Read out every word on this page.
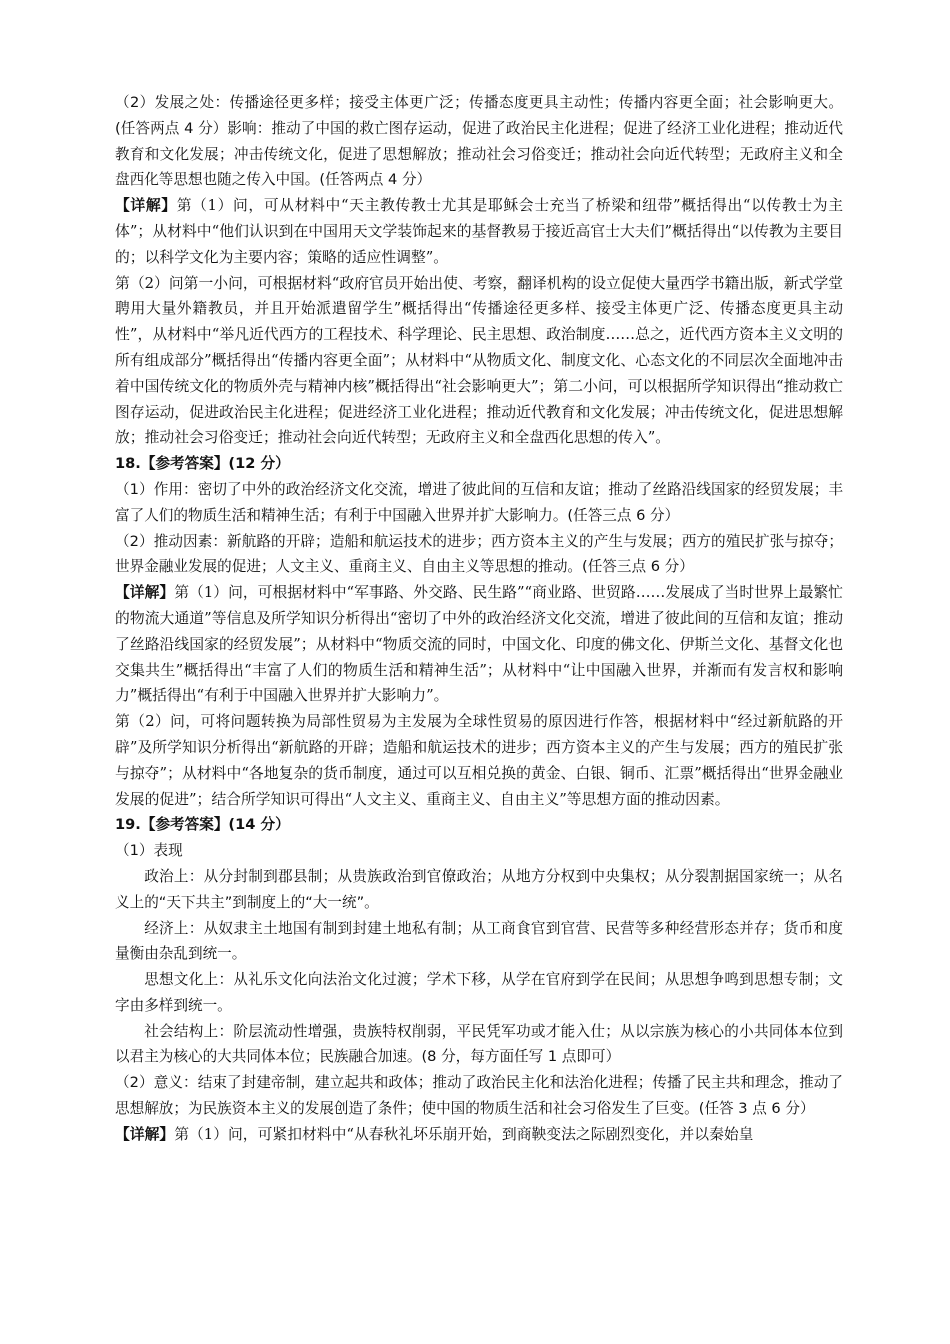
（2）发展之处：传播途径更多样；接受主体更广泛；传播态度更具主动性；传播内容更全面；社会影响更大。(任答两点 4 分）影响：推动了中国的救亡图存运动，促进了政治民主化进程；促进了经济工业化进程；推动近代教育和文化发展；冲击传统文化，促进了思想解放；推动社会习俗变迁；推动社会向近代转型；无政府主义和全盘西化等思想也随之传入中国。(任答两点 4 分）

【详解】第（1）问，可从材料中“天主教传教士尤其是耶稣会士充当了桥梁和纽带”概括得出“以传教士为主体”；从材料中“他们认识到在中国用天文学装饰起来的基督教易于接近高官士大夫们”概括得出“以传教为主要目的；以科学文化为主要内容；策略的适应性调整”。

第（2）问第一小问，可根据材料“政府官员开始出使、考察，翻译机构的设立促使大量西学书籍出版，新式学堂聘用大量外籍教员，并且开始派遣留学生”概括得出“传播途径更多样、接受主体更广泛、传播态度更具主动性”，从材料中“举凡近代西方的工程技术、科学理论、民主思想、政治制度……总之，近代西方资本主义文明的所有组成部分”概括得出“传播内容更全面”；从材料中“从物质文化、制度文化、心态文化的不同层次全面地冲击着中国传统文化的物质外壳与精神内核”概括得出“社会影响更大”；第二小问，可以根据所学知识得出“推动救亡图存运动，促进政治民主化进程；促进经济工业化进程；推动近代教育和文化发展；冲击传统文化，促进思想解放；推动社会习俗变迁；推动社会向近代转型；无政府主义和全盘西化思想的传入”。

18.【参考答案】(12 分）

（1）作用：密切了中外的政治经济文化交流，增进了彼此间的互信和友谊；推动了丝路沿线国家的经贸发展；丰富了人们的物质生活和精神生活；有利于中国融入世界并扩大影响力。(任答三点 6 分）

（2）推动因素：新航路的开辟；造船和航运技术的进步；西方资本主义的产生与发展；西方的殖民扩张与掠夺；世界金融业发展的促进；人文主义、重商主义、自由主义等思想的推动。(任答三点 6 分）

【详解】第（1）问，可根据材料中“军事路、外交路、民生路”“商业路、世贸路……发展成了当时世界上最繁忙的物流大通道”等信息及所学知识分析得出“密切了中外的政治经济文化交流，增进了彼此间的互信和友谊；推动了丝路沿线国家的经贸发展”；从材料中“物质交流的同时，中国文化、印度的佛文化、伊斯兰文化、基督文化也交集共生”概括得出“丰富了人们的物质生活和精神生活”；从材料中“让中国融入世界，并渐而有发言权和影响力”概括得出“有利于中国融入世界并扩大影响力”。

第（2）问，可将问题转换为局部性贸易为主发展为全球性贸易的原因进行作答，根据材料中“经过新航路的开辟”及所学知识分析得出“新航路的开辟；造船和航运技术的进步；西方资本主义的产生与发展；西方的殖民扩张与掠夺”；从材料中“各地复杂的货币制度，通过可以互相兑换的黄金、白银、铜币、汇票”概括得出“世界金融业发展的促进”；结合所学知识可得出“人文主义、重商主义、自由主义”等思想方面的推动因素。

19.【参考答案】(14 分）

（1）表现

政治上：从分封制到郡县制；从贵族政治到官僚政治；从地方分权到中央集权；从分裂割据国家统一；从名义上的“天下共主”到制度上的“大一统”。

经济上：从奴隶主土地国有制到封建土地私有制；从工商食官到官营、民营等多种经营形态并存；货币和度量衡由杂乱到统一。

思想文化上：从礼乐文化向法治文化过渡；学术下移，从学在官府到学在民间；从思想争鸣到思想专制；文字由多样到统一。

社会结构上：阶层流动性增强，贵族特权削弱，平民凭军功或才能入仕；从以宗族为核心的小共同体本位到以君主为核心的大共同体本位；民族融合加速。(8 分，每方面任写 1 点即可）

（2）意义：结束了封建帝制，建立起共和政体；推动了政治民主化和法治化进程；传播了民主共和理念，推动了思想解放；为民族资本主义的发展创造了条件；使中国的物质生活和社会习俗发生了巨变。(任答 3 点 6 分）

【详解】第（1）问，可紧扣材料中“从春秋礼坏乐崩开始，到商鞅变法之际剧烈变化，并以秦始皇
